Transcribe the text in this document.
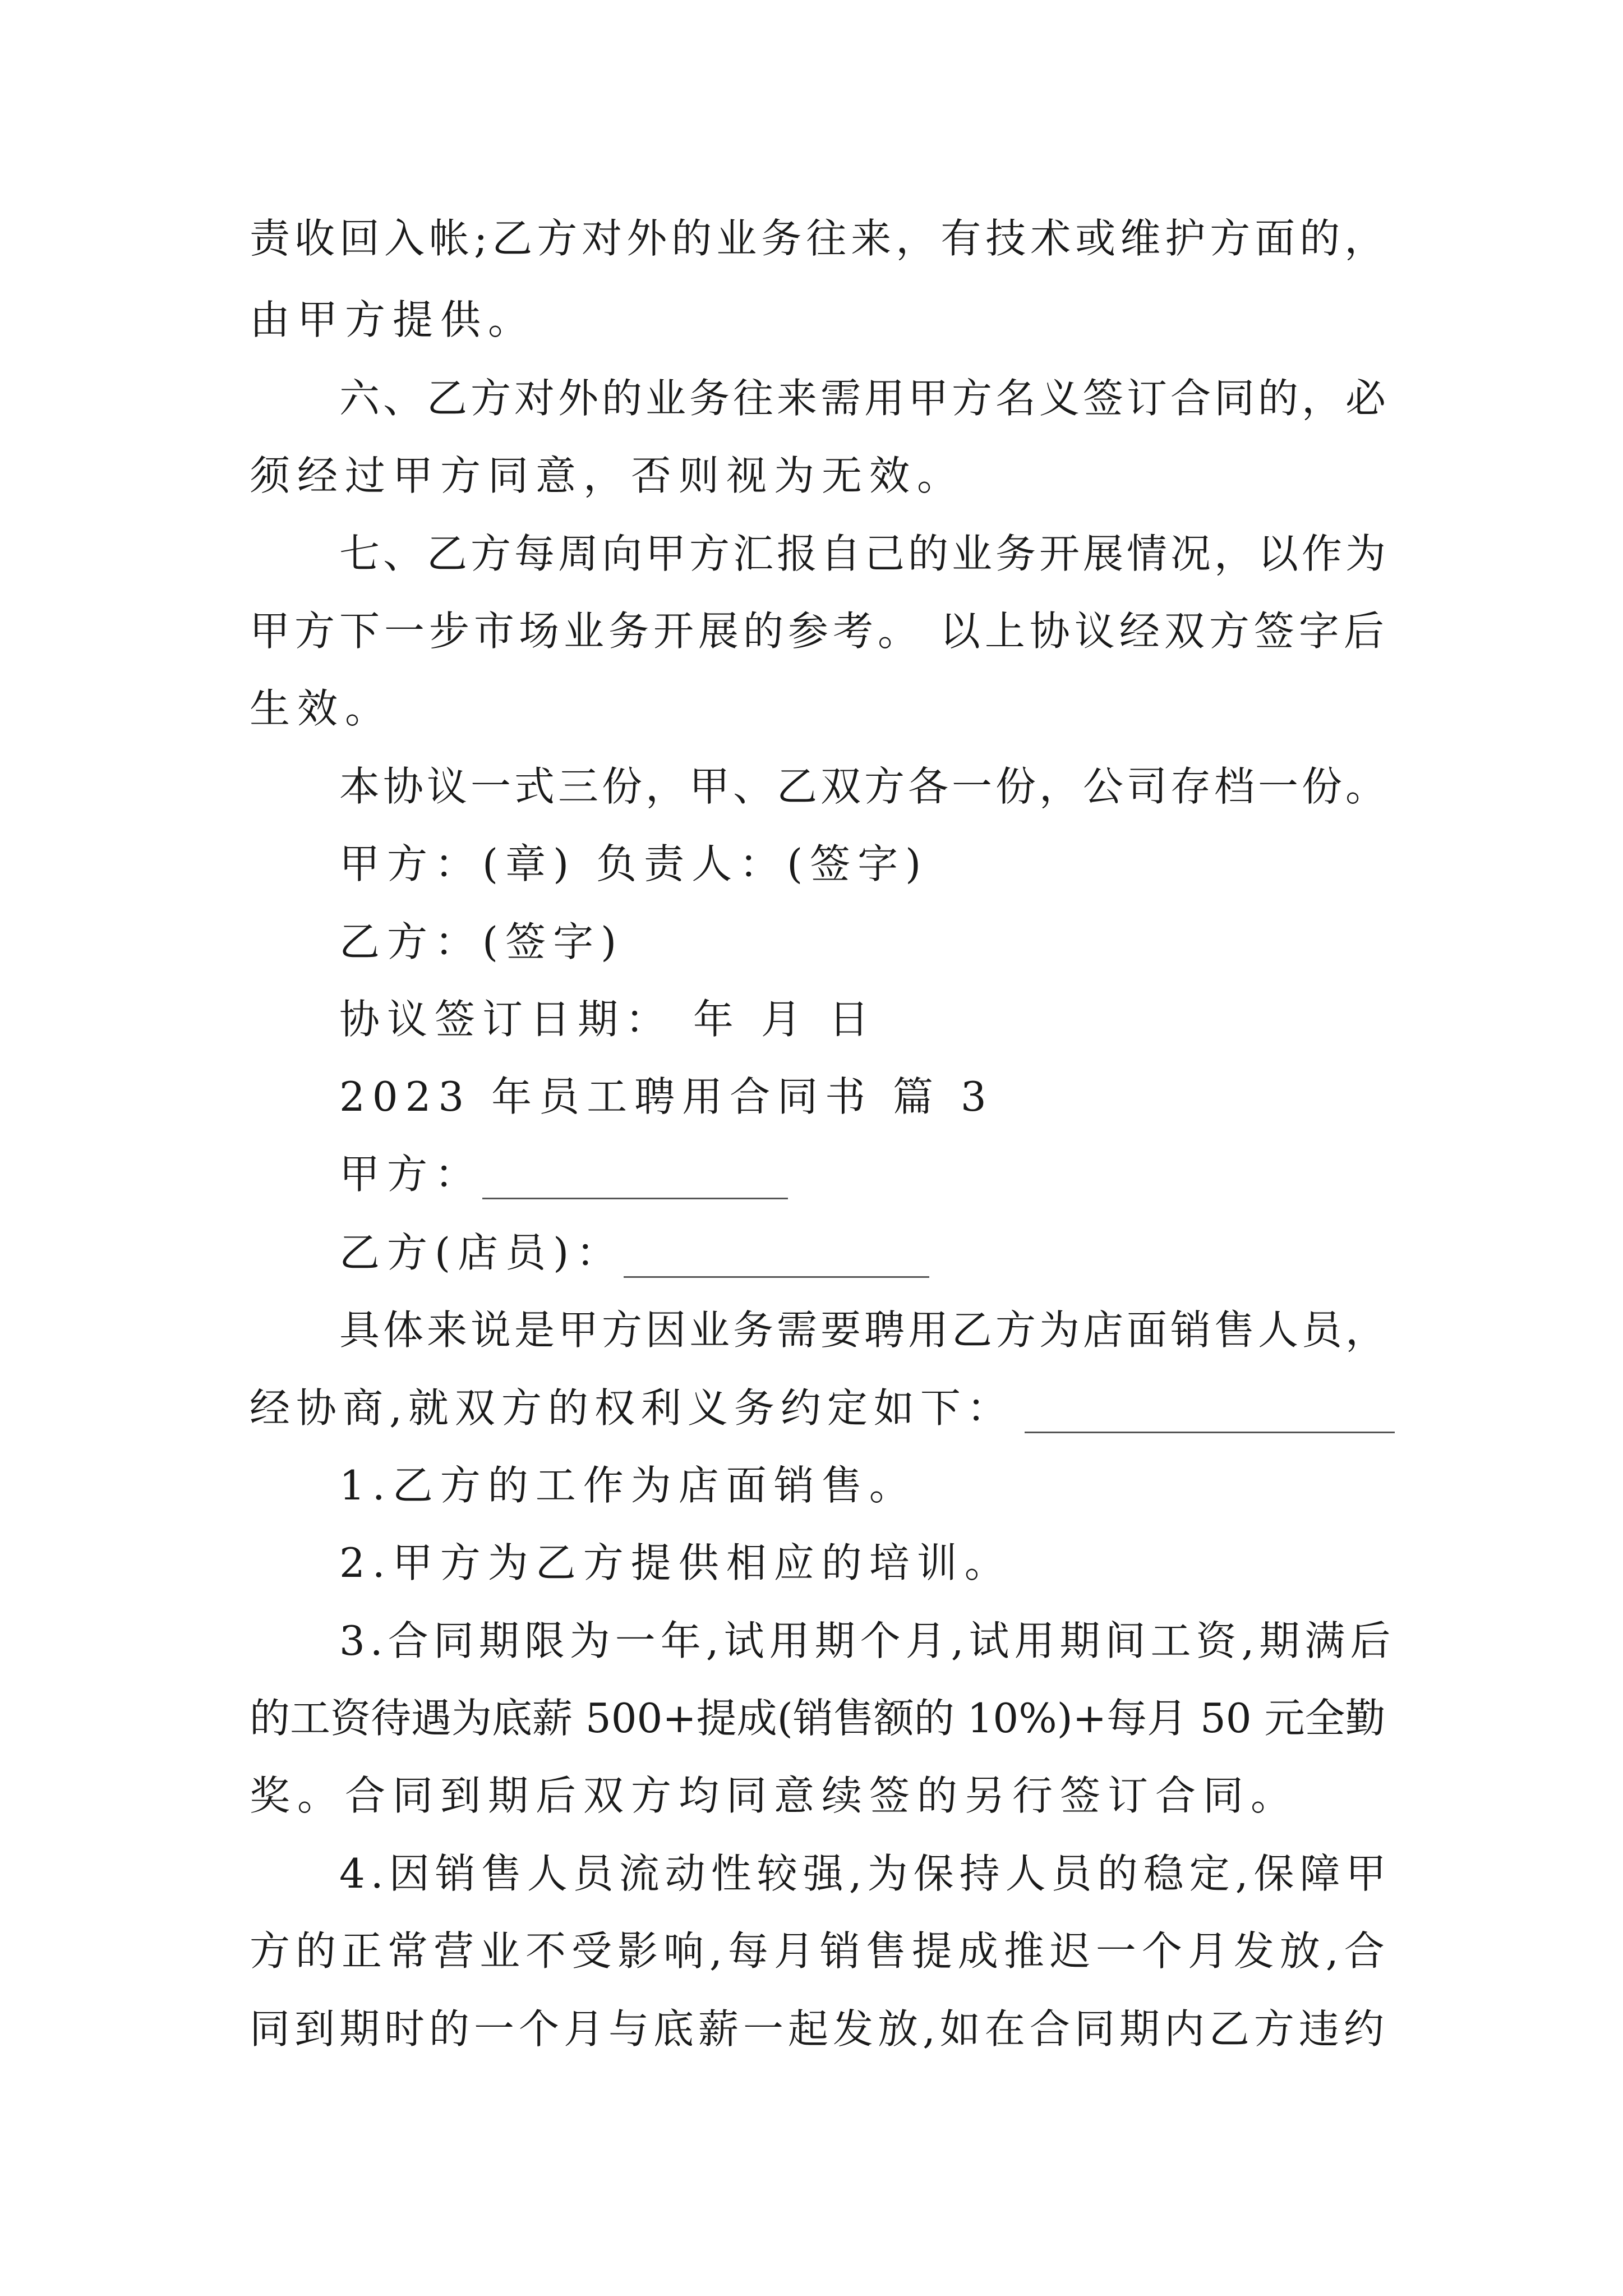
责收回入帐;乙方对外的业务往来，有技术或维护方面的，
由甲方提供。
六、乙方对外的业务往来需用甲方名义签订合同的，必
须经过甲方同意，否则视为无效。
七、乙方每周向甲方汇报自己的业务开展情况，以作为
甲方下一步市场业务开展的参考。 以上协议经双方签字后
生效。
本协议一式三份，甲、乙双方各一份，公司存档一份。
甲方：(章) 负责人：(签字)
乙方：(签字)
协议签订日期： 年 月 日
2023 年员工聘用合同书 篇 3
甲方：
乙方(店员)：
具体来说是甲方因业务需要聘用乙方为店面销售人员，
经协商,就双方的权利义务约定如下：
1.乙方的工作为店面销售。
2.甲方为乙方提供相应的培训。
3.合同期限为一年,试用期个月,试用期间工资,期满后
的工资待遇为底薪 500+提成(销售额的 10%)+每月 50 元全勤
奖。合同到期后双方均同意续签的另行签订合同。
4.因销售人员流动性较强,为保持人员的稳定,保障甲
方的正常营业不受影响,每月销售提成推迟一个月发放,合
同到期时的一个月与底薪一起发放,如在合同期内乙方违约
